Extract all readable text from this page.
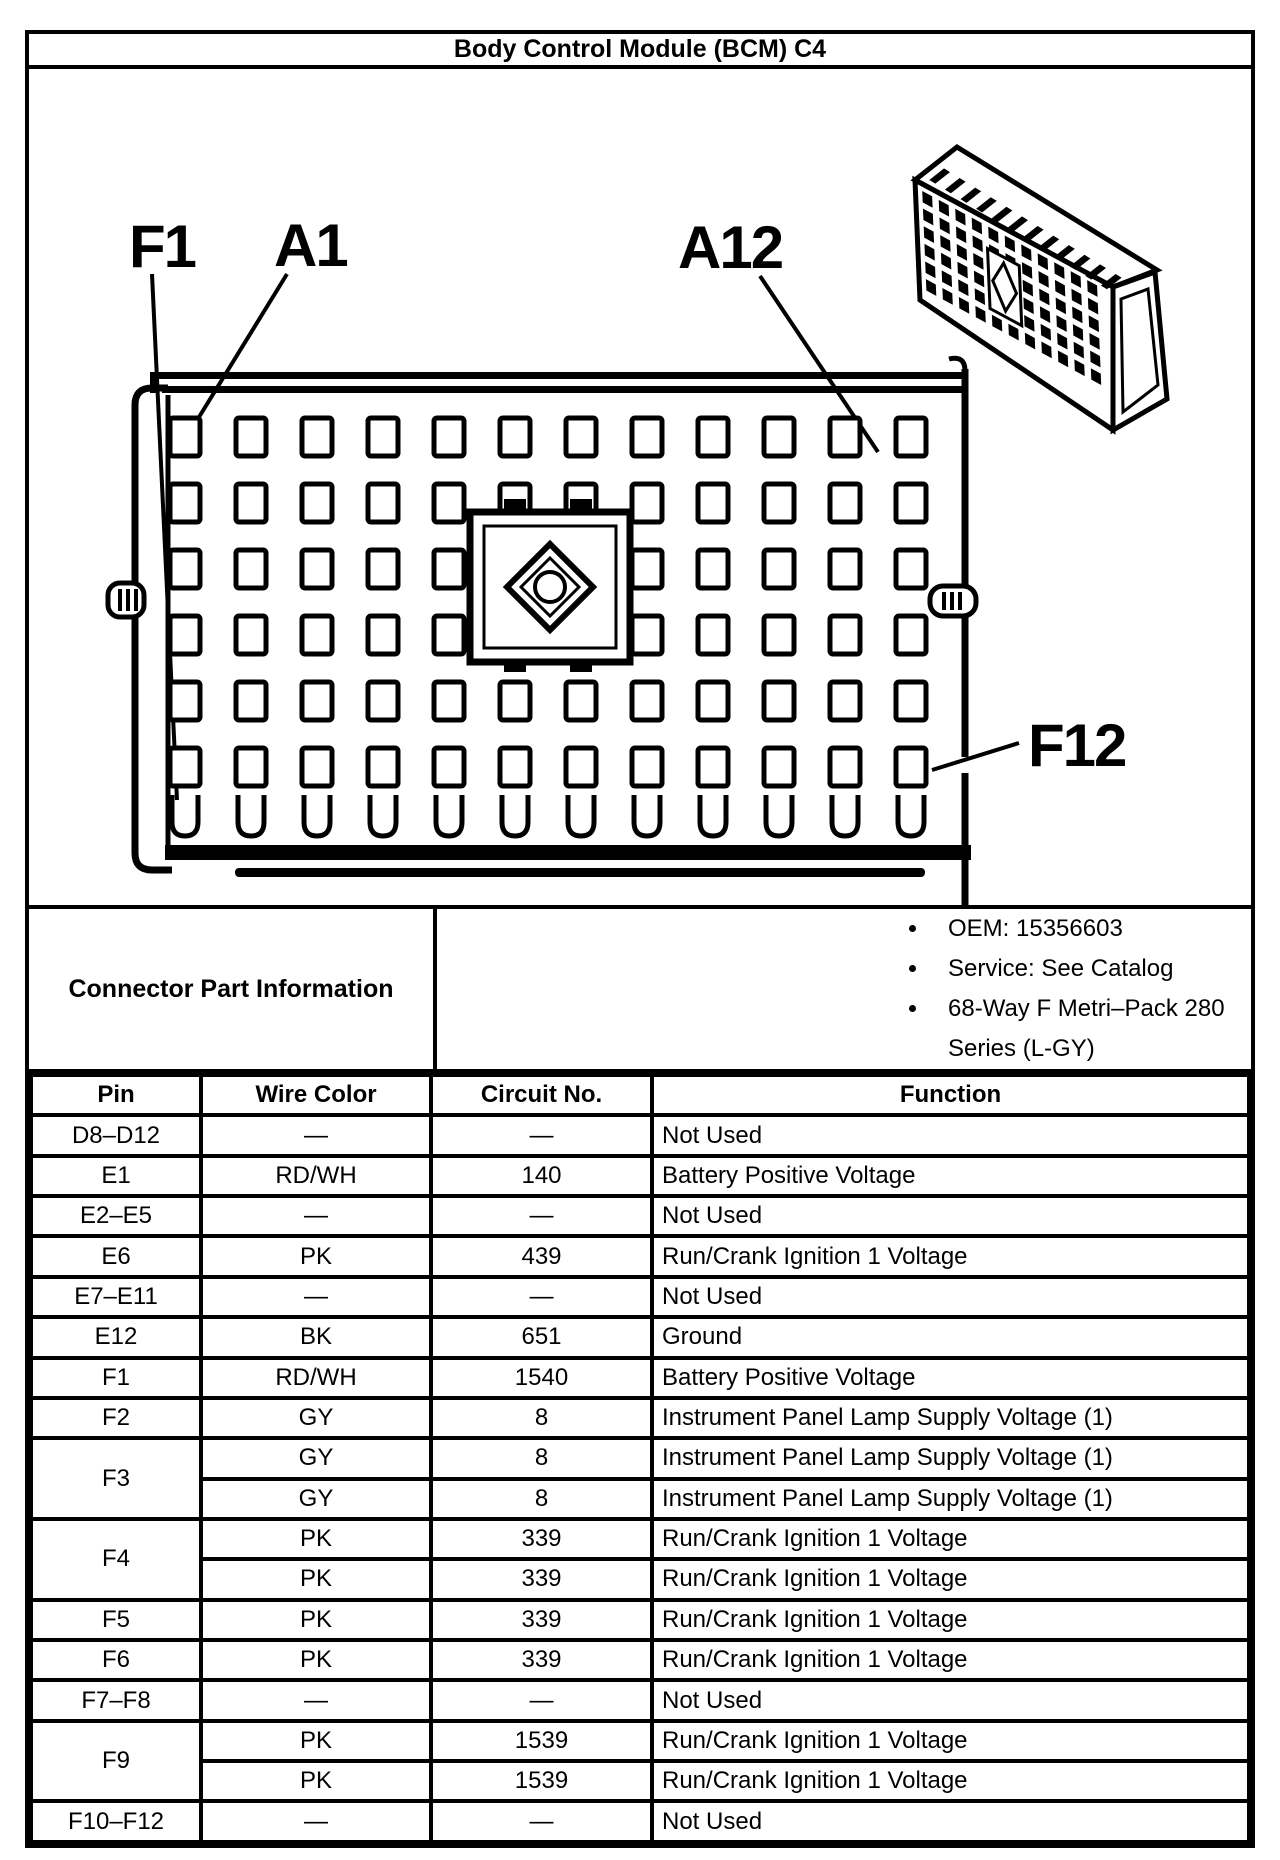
Body Control Module (BCM) C4
F1 A1	A12
F12
Connector Part Information
• OEM: 15356603
• Service: See Catalog
• 68-Way F Metri–Pack 280 Series (L-GY)
Pin	Wire Color	Circuit No.	Function
D8–D12	—	—	Not Used
E1	RD/WH	140	Battery Positive Voltage
E2–E5	—	—	Not Used
E6	PK	439	Run/Crank Ignition 1 Voltage
E7–E11	—	—	Not Used
E12	BK	651	Ground
F1	RD/WH	1540	Battery Positive Voltage
F2	GY	8	Instrument Panel Lamp Supply Voltage (1)
F3	GY	8	Instrument Panel Lamp Supply Voltage (1)
	GY	8	Instrument Panel Lamp Supply Voltage (1)
F4	PK	339	Run/Crank Ignition 1 Voltage
	PK	339	Run/Crank Ignition 1 Voltage
F5	PK	339	Run/Crank Ignition 1 Voltage
F6	PK	339	Run/Crank Ignition 1 Voltage
F7–F8	—	—	Not Used
F9	PK	1539	Run/Crank Ignition 1 Voltage
	PK	1539	Run/Crank Ignition 1 Voltage
F10–F12	—	—	Not Used
